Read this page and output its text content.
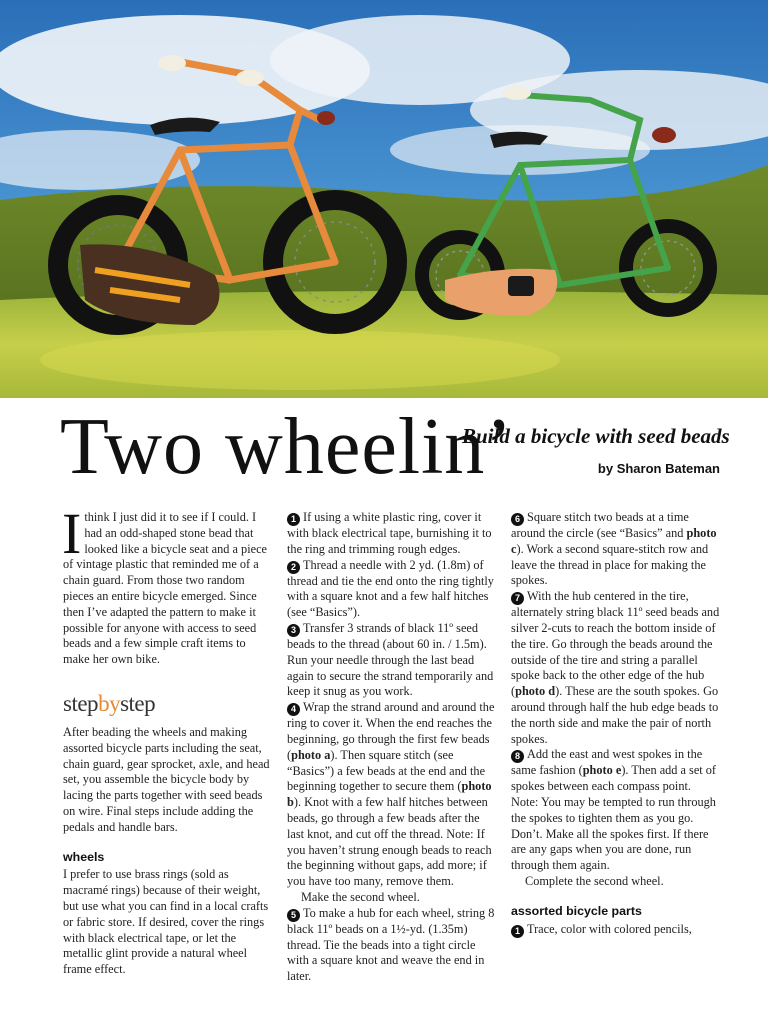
Two wheelin’
Build a bicycle with seed beads

by Sharon Bateman

Ithink I just did it to see if I could. I had an odd-shaped stone bead that looked like a bicycle seat and a piece of vintage plastic that reminded me of a chain guard. From those two random pieces an entire bicycle emerged. Since then I’ve adapted the pattern to make it possible for anyone with access to seed beads and a few simple craft items to make her own bike.

stepbystep

After beading the wheels and making assorted bicycle parts including the seat, chain guard, gear sprocket, axle, and head set, you assemble the bicycle body by lacing the parts together with seed beads on wire. Final steps include adding the pedals and handle bars.

wheels

I prefer to use brass rings (sold as macramé rings) because of their weight, but use what you can find in a local crafts or fabric store. If desired, cover the rings with black electrical tape, or let the metallic glint provide a natural wheel frame effect.

1 If using a white plastic ring, cover it with black electrical tape, burnishing it to the ring and trimming rough edges.

2 Thread a needle with 2 yd. (1.8m) of thread and tie the end onto the ring tightly with a square knot and a few half hitches (see “Basics”).

3 Transfer 3 strands of black 11º seed beads to the thread (about 60 in. / 1.5m). Run your needle through the last bead again to secure the strand temporarily and keep it snug as you work.

4 Wrap the strand around and around the ring to cover it. When the end reaches the beginning, go through the first few beads (photo a). Then square stitch (see “Basics”) a few beads at the end and the beginning together to secure them (photo b). Knot with a few half hitches between beads, go through a few beads after the last knot, and cut off the thread. Note: If you haven’t strung enough beads to reach the beginning without gaps, add more; if you have too many, remove them.

Make the second wheel.

5 To make a hub for each wheel, string 8 black 11º beads on a 1½-yd. (1.35m) thread. Tie the beads into a tight circle with a square knot and weave the end in later.

6 Square stitch two beads at a time around the circle (see “Basics” and photo c). Work a second square-stitch row and leave the thread in place for making the spokes.

7 With the hub centered in the tire, alternately string black 11º seed beads and silver 2-cuts to reach the bottom inside of the tire. Go through the beads around the outside of the tire and string a parallel spoke back to the other edge of the hub (photo d). These are the south spokes. Go around through half the hub edge beads to the north side and make the pair of north spokes.

8 Add the east and west spokes in the same fashion (photo e). Then add a set of spokes between each compass point. Note: You may be tempted to run through the spokes to tighten them as you go. Don’t. Make all the spokes first. If there are any gaps when you are done, run through them again.

Complete the second wheel.

assorted bicycle parts

1 Trace, color with colored pencils,
